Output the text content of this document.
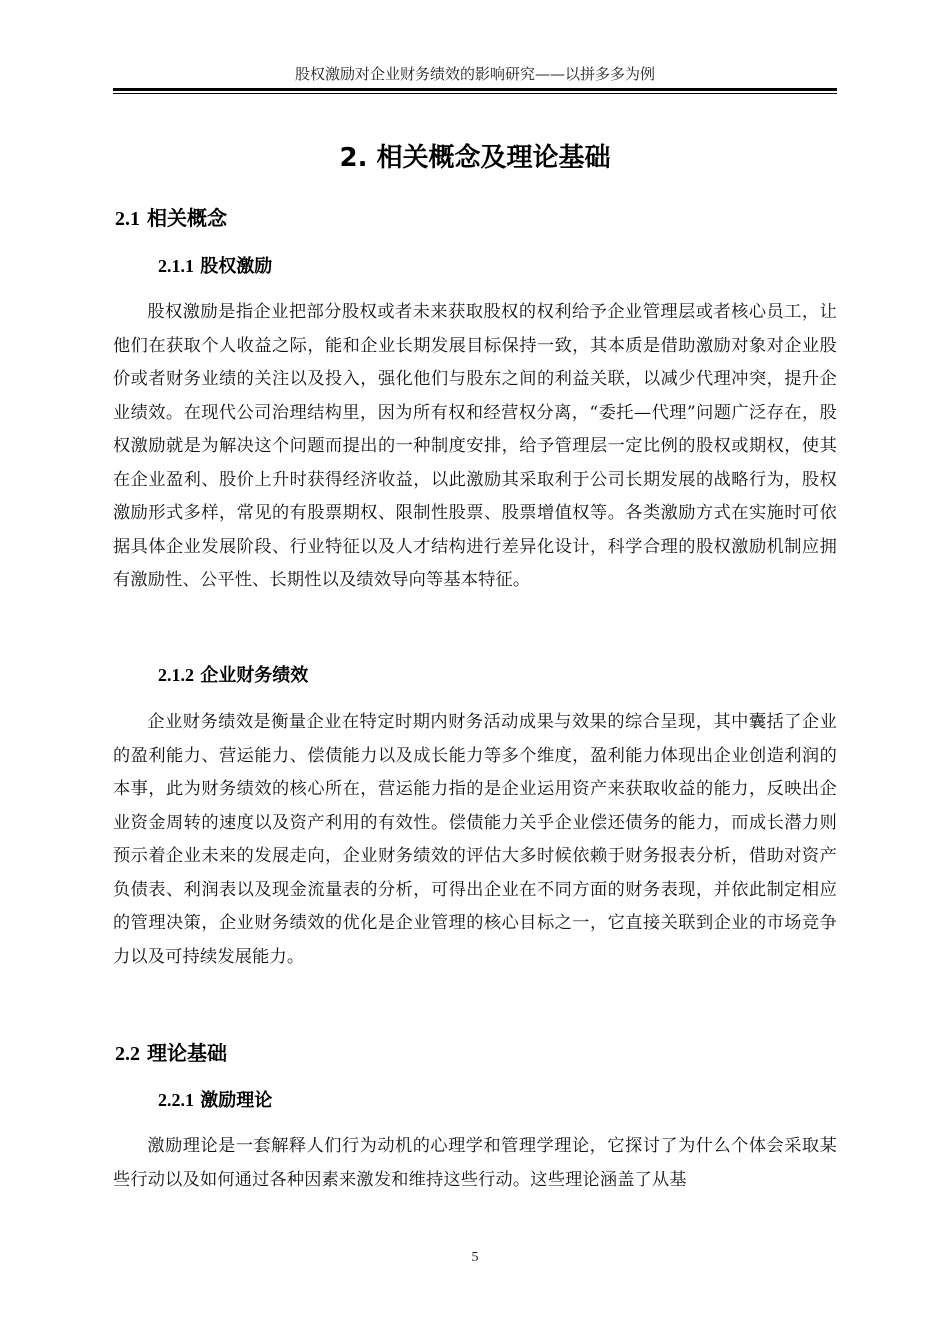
股权激励对企业财务绩效的影响研究——以拼多多为例
2. 相关概念及理论基础
2.1 相关概念
2.1.1 股权激励

股权激励是指企业把部分股权或者未来获取股权的权利给予企业管理层或者核心员工，让他们在获取个人收益之际，能和企业长期发展目标保持一致，其本质是借助激励对象对企业股价或者财务业绩的关注以及投入，强化他们与股东之间的利益关联，以减少代理冲突，提升企业绩效。在现代公司治理结构里，因为所有权和经营权分离，“委托—代理”问题广泛存在，股权激励就是为解决这个问题而提出的一种制度安排，给予管理层一定比例的股权或期权，使其在企业盈利、股价上升时获得经济收益，以此激励其采取利于公司长期发展的战略行为，股权激励形式多样，常见的有股票期权、限制性股票、股票增值权等。各类激励方式在实施时可依据具体企业发展阶段、行业特征以及人才结构进行差异化设计，科学合理的股权激励机制应拥有激励性、公平性、长期性以及绩效导向等基本特征。

2.1.2 企业财务绩效

企业财务绩效是衡量企业在特定时期内财务活动成果与效果的综合呈现，其中囊括了企业的盈利能力、营运能力、偿债能力以及成长能力等多个维度，盈利能力体现出企业创造利润的本事，此为财务绩效的核心所在，营运能力指的是企业运用资产来获取收益的能力，反映出企业资金周转的速度以及资产利用的有效性。偿债能力关乎企业偿还债务的能力，而成长潜力则预示着企业未来的发展走向，企业财务绩效的评估大多时候依赖于财务报表分析，借助对资产负债表、利润表以及现金流量表的分析，可得出企业在不同方面的财务表现，并依此制定相应的管理决策，企业财务绩效的优化是企业管理的核心目标之一，它直接关联到企业的市场竞争力以及可持续发展能力。

2.2 理论基础
2.2.1 激励理论

激励理论是一套解释人们行为动机的心理学和管理学理论，它探讨了为什么个体会采取某些行动以及如何通过各种因素来激发和维持这些行动。这些理论涵盖了从基

5
